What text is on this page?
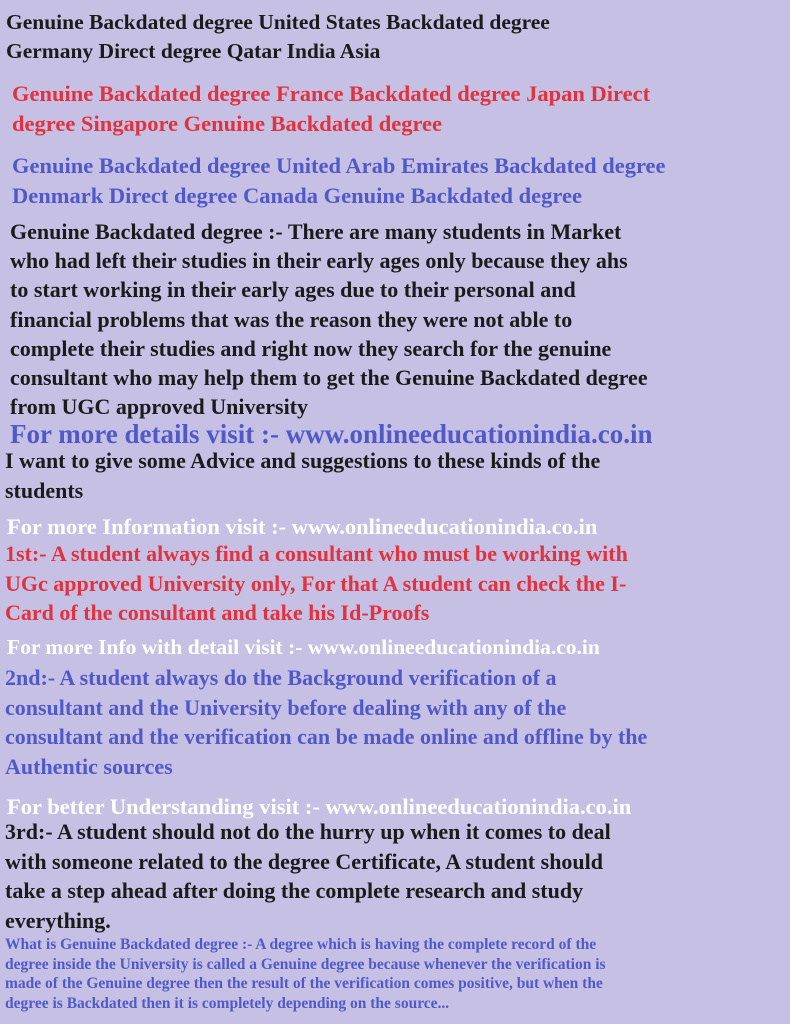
Genuine Backdated degree United States Backdated degree
Germany Direct degree Qatar India Asia
Genuine Backdated degree France Backdated degree Japan Direct
degree Singapore Genuine Backdated degree
Genuine Backdated degree United Arab Emirates Backdated degree
Denmark Direct degree Canada Genuine Backdated degree
Genuine Backdated degree :- There are many students in Market
who had left their studies in their early ages only because they ahs
to start working in their early ages due to their personal and
financial problems that was the reason they were not able to
complete their studies and right now they search for the genuine
consultant who may help them to get the Genuine Backdated degree
from UGC approved University
For more details visit :- www.onlineeducationindia.co.in
I want to give some Advice and suggestions to these kinds of the
students
For more Information visit :- www.onlineeducationindia.co.in
1st:- A student always find a consultant who must be working with
UGc approved University only, For that A student can check the I-
Card of the consultant and take his Id-Proofs
For more Info with detail visit :- www.onlineeducationindia.co.in
2nd:- A student always do the Background verification of a
consultant and the University before dealing with any of the
consultant and the verification can be made online and offline by the
Authentic sources
For better Understanding visit :- www.onlineeducationindia.co.in
3rd:- A student should not do the hurry up when it comes to deal
with someone related to the degree Certificate, A student should
take a step ahead after doing the complete research and study
everything.
What is Genuine Backdated degree :- A degree which is having the complete record of the
degree inside the University is called a Genuine degree because whenever the verification is
made of the Genuine degree then the result of the verification comes positive, but when the
degree is Backdated then it is completely depending on the source...
